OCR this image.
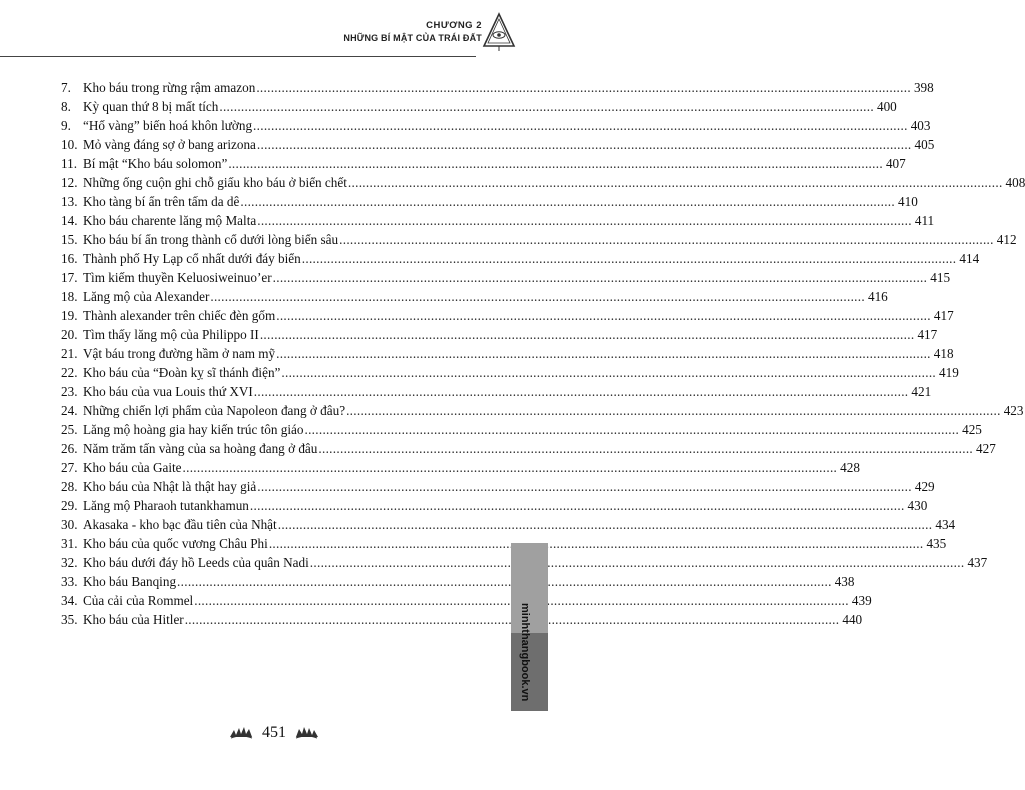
CHƯƠNG 2
NHỮNG BÍ MẬT CỦA TRÁI ĐẤT
7. Kho báu trong rừng rậm amazon .....	398
8. Kỳ quan thứ 8 bị mất tích .....	400
9. “Hố vàng” biến hoá khôn lường .....	403
10. Mỏ vàng đáng sợ ở bang arizona .....	405
11. Bí mật “Kho báu solomon” .....	407
12. Những ống cuộn ghi chỗ giấu kho báu ở biển chết .....	408
13. Kho tàng bí ẩn trên tấm da dê .....	410
14. Kho báu charente lăng mộ Malta .....	411
15. Kho báu bí ẩn trong thành cổ dưới lòng biển sâu .....	412
16. Thành phố Hy Lạp cổ nhất dưới đáy biển .....	414
17. Tìm kiếm thuyền Keluosiweinuo’er .....	415
18. Lăng mộ của Alexander .....	416
19. Thành alexander trên chiếc đèn gốm .....	417
20. Tìm thấy lăng mộ của Philippo II .....	417
21. Vật báu trong đường hầm ở nam mỹ .....	418
22. Kho báu của “Đoàn kỵ sĩ thánh điện” .....	419
23. Kho báu của vua Louis thứ XVI .....	421
24. Những chiến lợi phẩm của Napoleon đang ở đâu? .....	423
25. Lăng mộ hoàng gia hay kiến trúc tôn giáo .....	425
26. Năm trăm tấn vàng của sa hoàng đang ở đâu .....	427
27. Kho báu của Gaite .....	428
28. Kho báu của Nhật là thật hay giả .....	429
29. Lăng mộ Pharaoh tutankhamun .....	430
30. Akasaka - kho bạc đầu tiên của Nhật .....	434
31. Kho báu của quốc vương Châu Phi .....	435
32. Kho báu dưới đáy hồ Leeds của quân Nadi .....	437
33. Kho báu Banqing .....	438
34. Của cải của Rommel .....	439
35. Kho báu của Hitler .....	440
minhthangbook.vn
451
